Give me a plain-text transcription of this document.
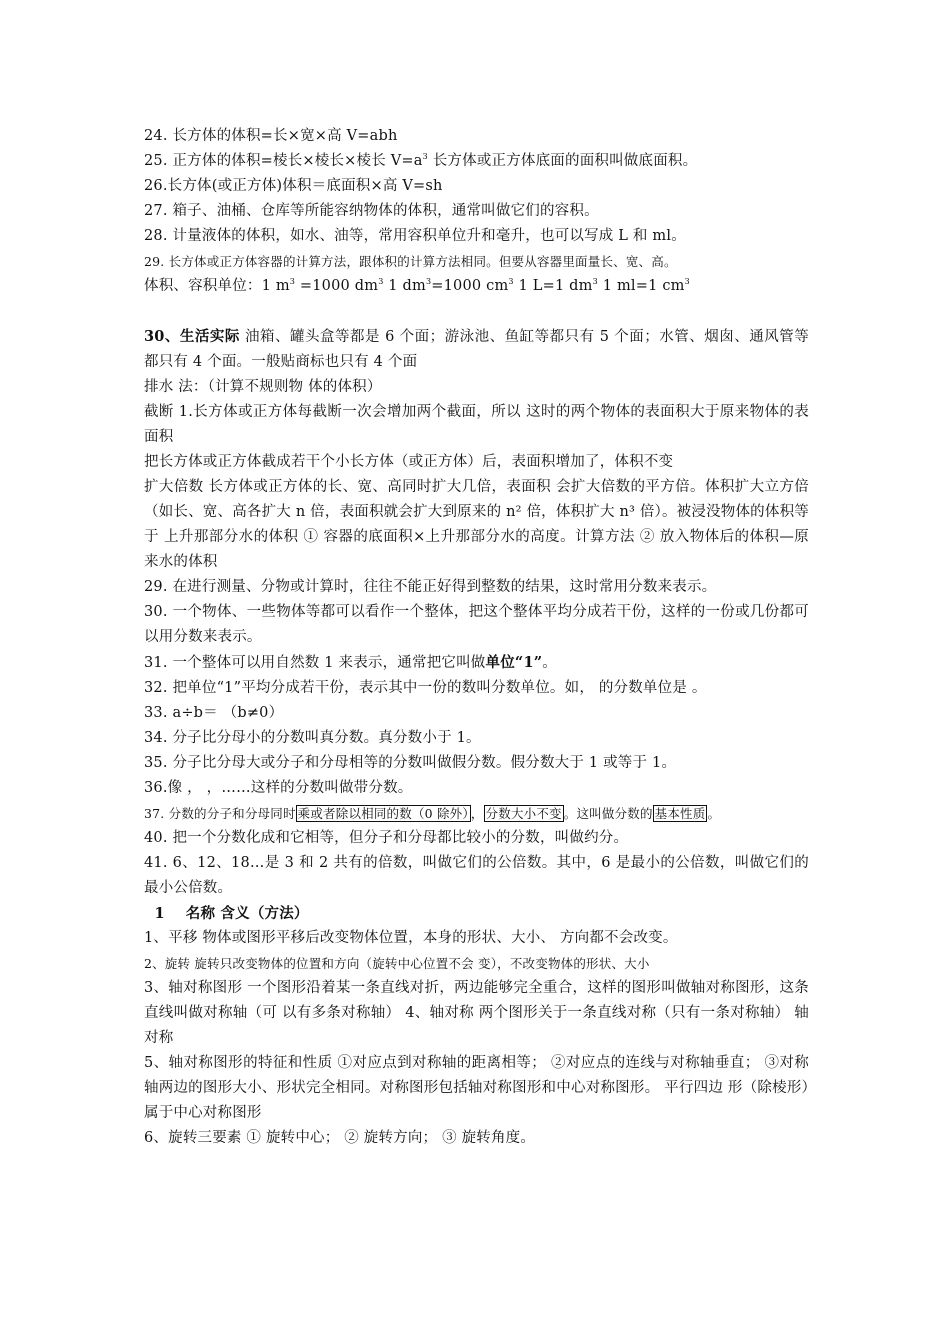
24. 长方体的体积=长×宽×高 V=abh

25. 正方体的体积=棱长×棱长×棱长 $V=a^3$ 长方体或正方体底面的面积叫做底面积。

26.长方体(或正方体)体积＝底面积×高 V=sh

27. 箱子、油桶、仓库等所能容纳物体的体积，通常叫做它们的容积。

28. 计量液体的体积，如水、油等，常用容积单位升和毫升，也可以写成 L 和 ml。

29. 长方体或正方体容器的计算方法，跟体积的计算方法相同。但要从容器里面量长、宽、高。

体积、容积单位：1 $m^3 =1000$ $dm^3$ 1 $dm^3=1000$ $cm^3$ 1 L=1 $dm^3$ 1 ml=1 $cm^3$

30、生活实际 油箱、罐头盒等都是 6 个面；游泳池、鱼缸等都只有 5 个面；水管、烟囱、通风管等都只有 4 个面。一般贴商标也只有 4 个面

排水 法：（计算不规则物 体的体积）

截断 1.长方体或正方体每截断一次会增加两个截面，所以 这时的两个物体的表面积大于原来物体的表面积

把长方体或正方体截成若干个小长方体（或正方体）后，表面积增加了，体积不变

扩大倍数 长方体或正方体的长、宽、高同时扩大几倍，表面积 会扩大倍数的平方倍。体积扩大立方倍（如长、宽、高各扩大 n 倍，表面积就会扩大到原来的 n² 倍，体积扩大 n³ 倍）。被浸没物体的体积等于 上升那部分水的体积 ① 容器的底面积×上升那部分水的高度。计算方法 ② 放入物体后的体积—原来水的体积

29. 在进行测量、分物或计算时，往往不能正好得到整数的结果，这时常用分数来表示。

30. 一个物体、一些物体等都可以看作一个整体，把这个整体平均分成若干份，这样的一份或几份都可以用分数来表示。

31. 一个整体可以用自然数 1 来表示，通常把它叫做单位“1”。

32. 把单位“1”平均分成若干份，表示其中一份的数叫分数单位。如， 的分数单位是 。

33. a÷b＝ （b≠0）

34. 分子比分母小的分数叫真分数。真分数小于 1。

35. 分子比分母大或分子和分母相等的分数叫做假分数。假分数大于 1 或等于 1。

36.像 ， ，……这样的分数叫做带分数。

37. 分数的分子和分母同时 乘或者除以相同的数（0 除外） ， 分数大小不变 。这叫做分数的 基本性质 。

40. 把一个分数化成和它相等，但分子和分母都比较小的分数，叫做约分。

41. 6、12、18…是 3 和 2 共有的倍数，叫做它们的公倍数。其中，6 是最小的公倍数，叫做它们的最小公倍数。

1    名称 含义（方法）

1、平移 物体或图形平移后改变物体位置，本身的形状、大小、 方向都不会改变。

2、旋转 旋转只改变物体的位置和方向（旋转中心位置不会 变），不改变物体的形状、大小

3、轴对称图形 一个图形沿着某一条直线对折，两边能够完全重合，这样的图形叫做轴对称图形，这条直线叫做对称轴（可 以有多条对称轴） 4、轴对称 两个图形关于一条直线对称（只有一条对称轴） 轴对称

5、轴对称图形的特征和性质 ①对应点到对称轴的距离相等； ②对应点的连线与对称轴垂直； ③对称轴两边的图形大小、形状完全相同。对称图形包括轴对称图形和中心对称图形。 平行四边 形（除棱形）属于中心对称图形

6、旋转三要素 ① 旋转中心； ② 旋转方向； ③ 旋转角度。
